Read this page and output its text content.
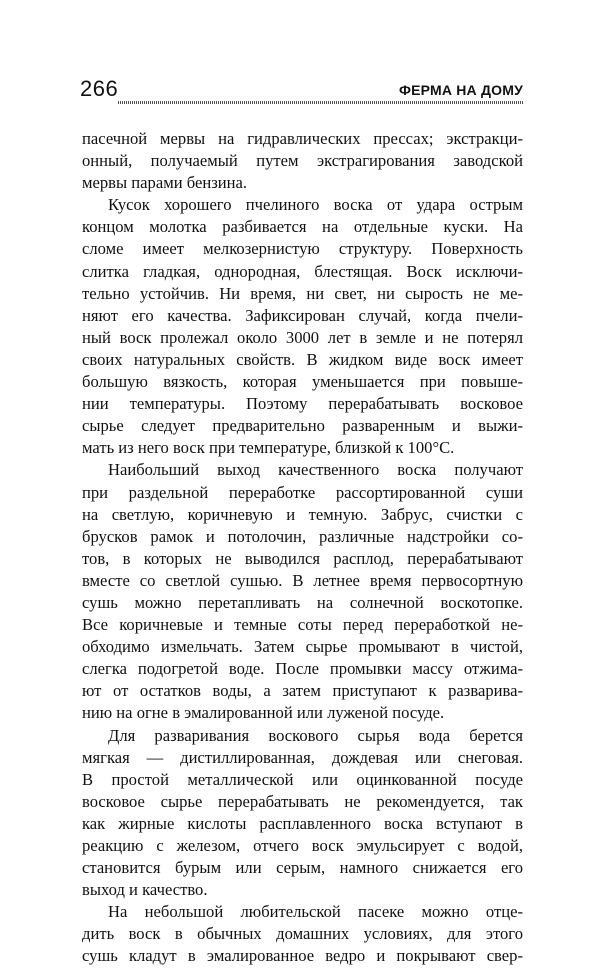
266	ФЕРМА НА ДОМУ
пасечной мервы на гидравлических прессах; экстракци-
онный, получаемый путем экстрагирования заводской
мервы парами бензина.
Кусок хорошего пчелиного воска от удара острым
концом молотка разбивается на отдельные куски. На
сломе имеет мелкозернистую структуру. Поверхность
слитка гладкая, однородная, блестящая. Воск исключи-
тельно устойчив. Ни время, ни свет, ни сырость не ме-
няют его качества. Зафиксирован случай, когда пчели-
ный воск пролежал около 3000 лет в земле и не потерял
своих натуральных свойств. В жидком виде воск имеет
большую вязкость, которая уменьшается при повыше-
нии температуры. Поэтому перерабатывать восковое
сырье следует предварительно разваренным и выжи-
мать из него воск при температуре, близкой к 100°С.
Наибольший выход качественного воска получают
при раздельной переработке рассортированной суши
на светлую, коричневую и темную. Забрус, счистки с
брусков рамок и потолочин, различные надстройки со-
тов, в которых не выводился расплод, перерабатывают
вместе со светлой сушью. В летнее время первосортную
сушь можно перетапливать на солнечной воскотопке.
Все коричневые и темные соты перед переработкой не-
обходимо измельчать. Затем сырье промывают в чистой,
слегка подогретой воде. После промывки массу отжима-
ют от остатков воды, а затем приступают к разварива-
нию на огне в эмалированной или луженой посуде.
Для разваривания воскового сырья вода берется
мягкая — дистиллированная, дождевая или снеговая.
В простой металлической или оцинкованной посуде
восковое сырье перерабатывать не рекомендуется, так
как жирные кислоты расплавленного воска вступают в
реакцию с железом, отчего воск эмульсирует с водой,
становится бурым или серым, намного снижается его
выход и качество.
На небольшой любительской пасеке можно отце-
дить воск в обычных домашних условиях, для этого
сушь кладут в эмалированное ведро и покрывают свер-
